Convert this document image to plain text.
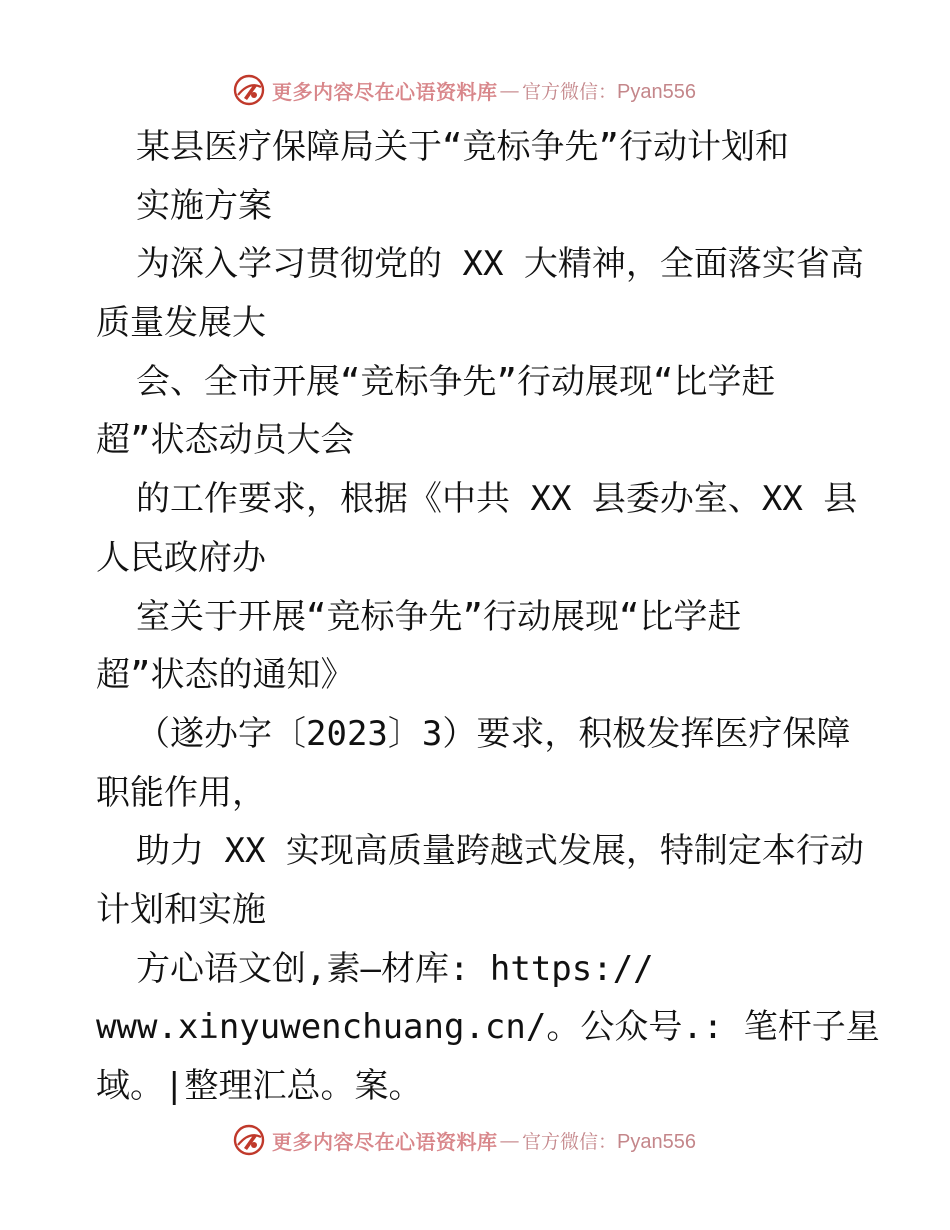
更多内容尽在心语资料库 — 官方微信：Pyan556
某县医疗保障局关于“竞标争先”行动计划和
实施方案
为深入学习贯彻党的 XX 大精神，全面落实省高
质量发展大
会、全市开展“竞标争先”行动展现“比学赶
超”状态动员大会
的工作要求，根据《中共 XX 县委办室、XX 县
人民政府办
室关于开展“竞标争先”行动展现“比学赶
超”状态的通知》
（遂办字〔2023〕3）要求，积极发挥医疗保障
职能作用，
助力 XX 实现高质量跨越式发展，特制定本行动
计划和实施
方心语文创,素—材库: https://
www.xinyuwenchuang.cn/。公众号.: 笔杆子星
域。|整理汇总。案。
更多内容尽在心语资料库 — 官方微信：Pyan556
